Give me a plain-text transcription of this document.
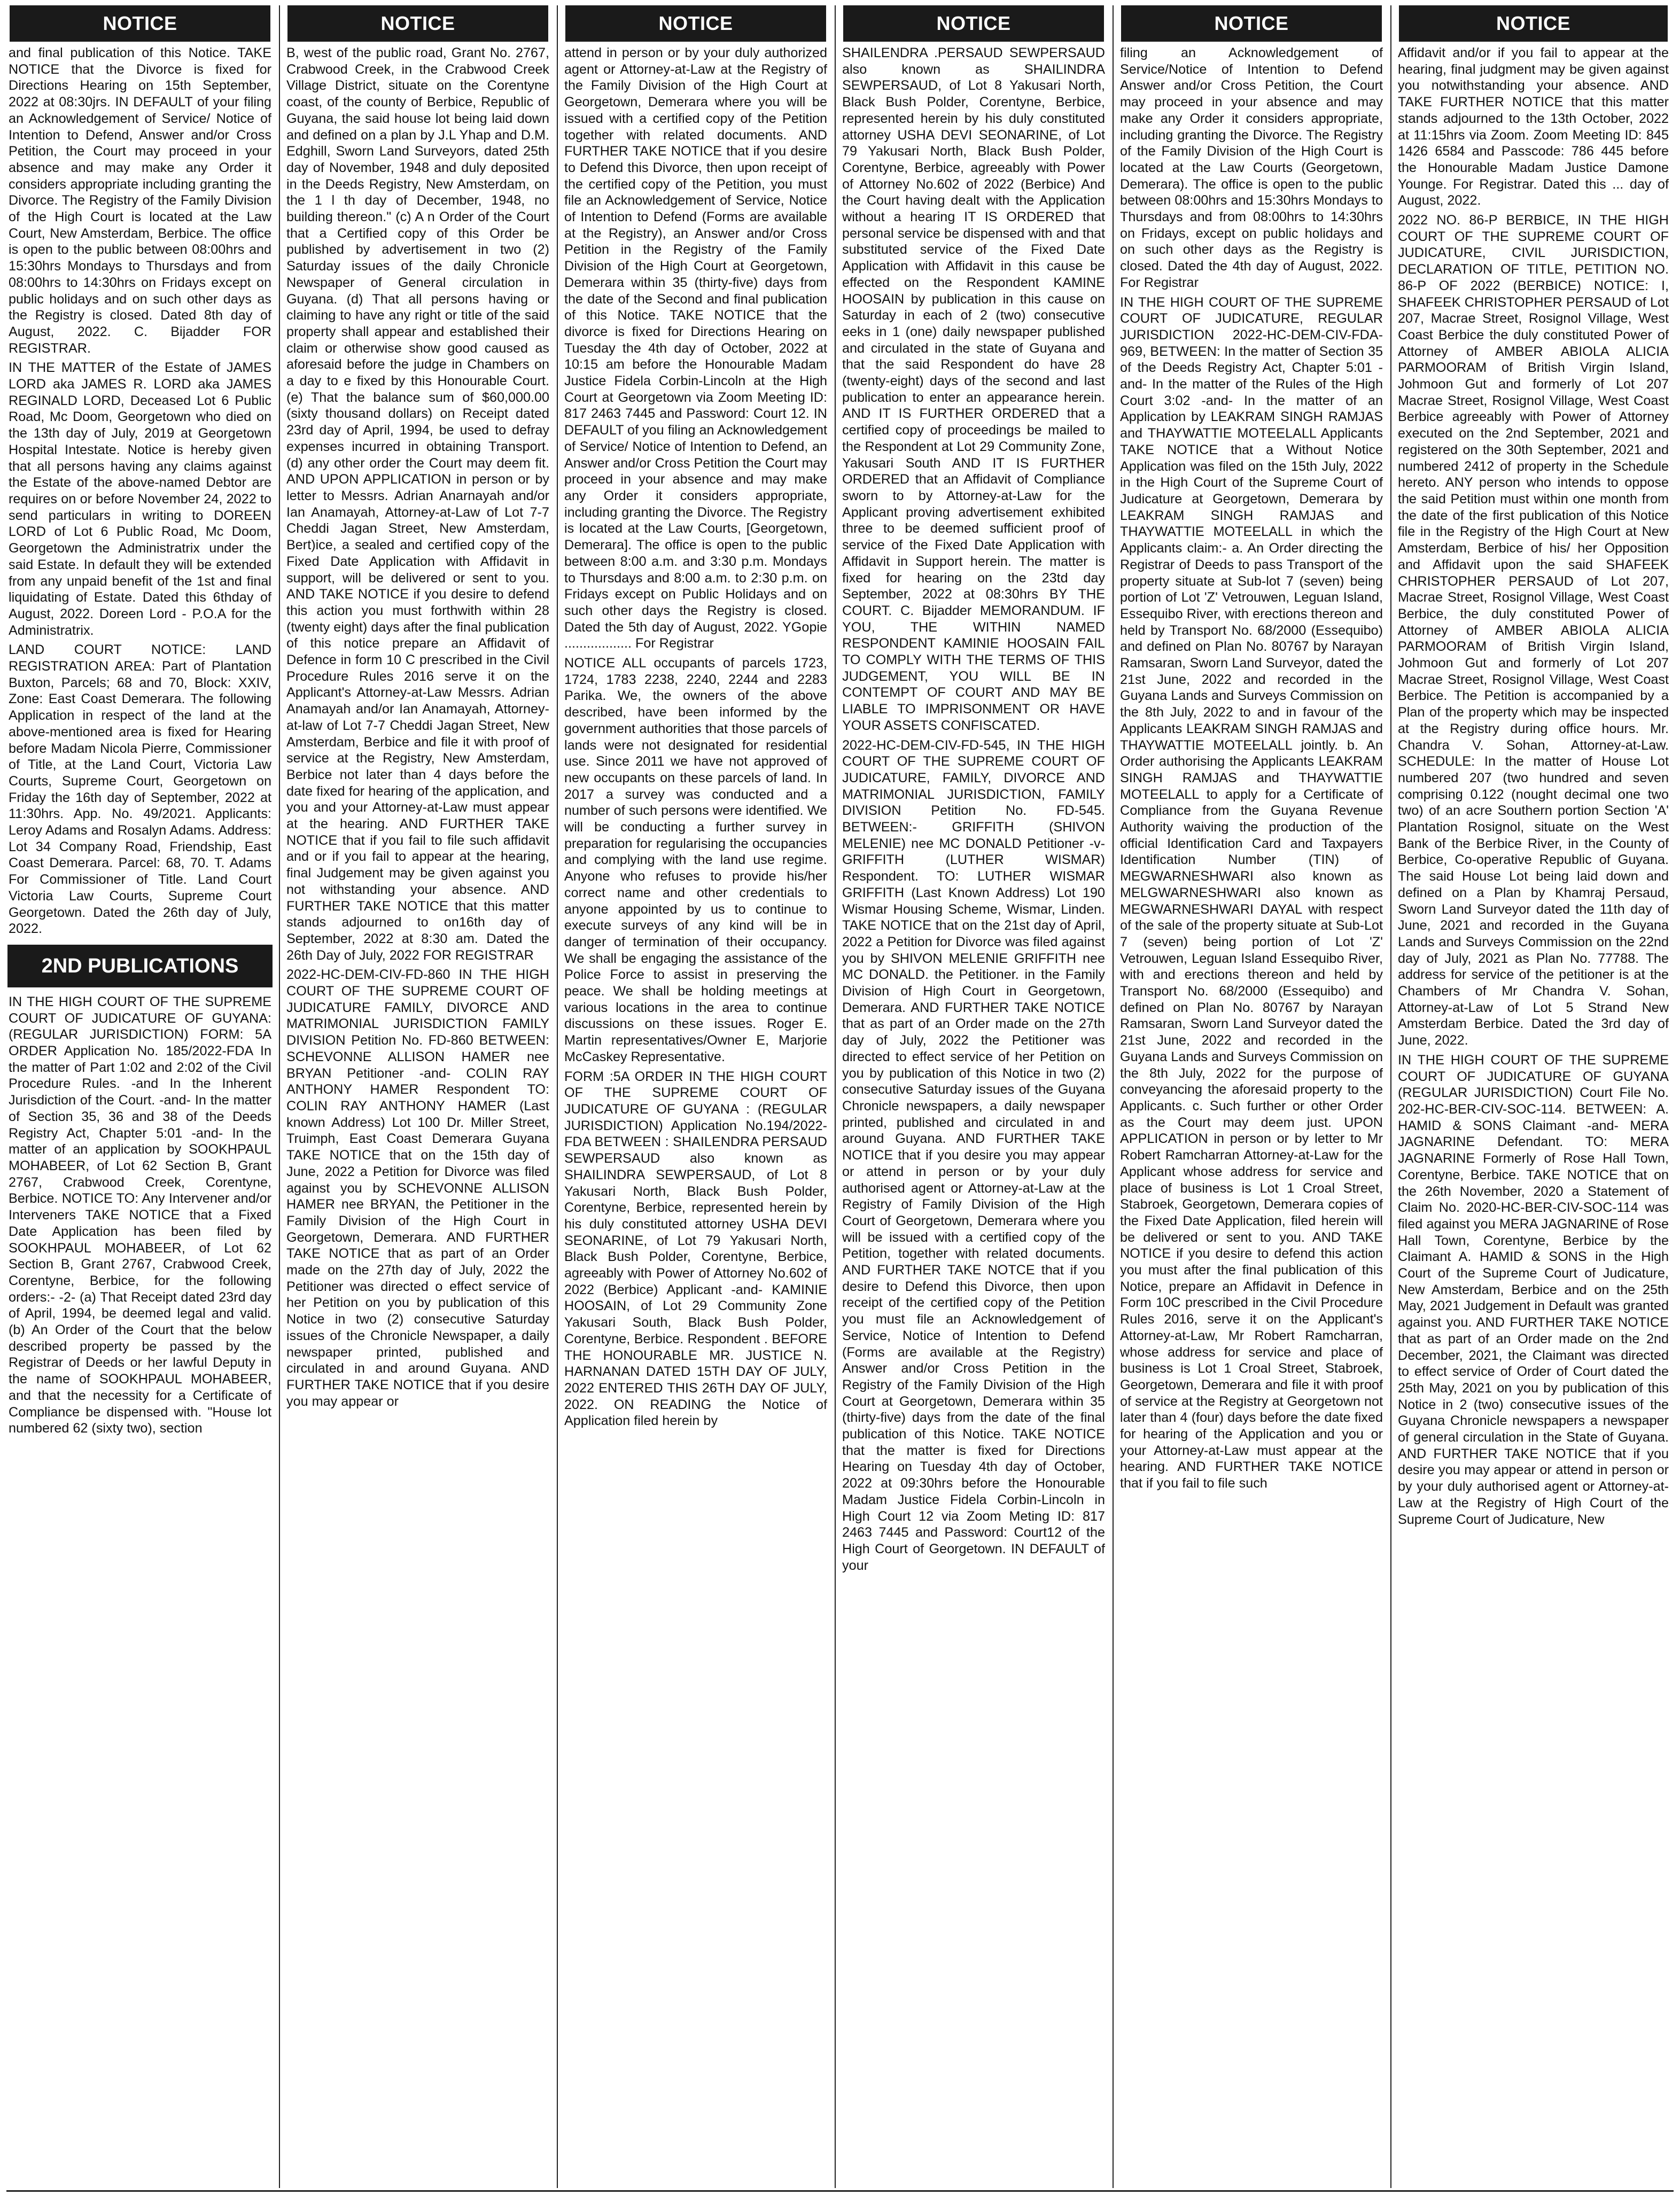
NOTICE

and final publication of this Notice. TAKE NOTICE that the Divorce is fixed for Directions Hearing on 15th September, 2022 at 08:30jrs. IN DEFAULT of your filing an Acknowledgement of Service/ Notice of Intention to Defend, Answer and/or Cross Petition, the Court may proceed in your absence and may make any Order it considers appropriate including granting the Divorce. The Registry of the Family Division of the High Court is located at the Law Court, New Amsterdam, Berbice. The office is open to the public between 08:00hrs and 15:30hrs Mondays to Thursdays and from 08:00hrs to 14:30hrs on Fridays except on public holidays and on such other days as the Registry is closed. Dated 8th day of August, 2022. C. Bijadder FOR REGISTRAR.

IN THE MATTER of the Estate of JAMES LORD aka JAMES R. LORD aka JAMES REGINALD LORD, Deceased Lot 6 Public Road, Mc Doom, Georgetown who died on the 13th day of July, 2019 at Georgetown Hospital Intestate. Notice is hereby given that all persons having any claims against the Estate of the above-named Debtor are requires on or before November 24, 2022 to send particulars in writing to DOREEN LORD of Lot 6 Public Road, Mc Doom, Georgetown the Administratrix under the said Estate. In default they will be extended from any unpaid benefit of the 1st and final liquidating of Estate. Dated this 6thday of August, 2022. Doreen Lord - P.O.A for the Administratrix.

LAND COURT NOTICE: LAND REGISTRATION AREA: Part of Plantation Buxton, Parcels; 68 and 70, Block: XXIV, Zone: East Coast Demerara. The following Application in respect of the land at the above-mentioned area is fixed for Hearing before Madam Nicola Pierre, Commissioner of Title, at the Land Court, Victoria Law Courts, Supreme Court, Georgetown on Friday the 16th day of September, 2022 at 11:30hrs. App. No. 49/2021. Applicants: Leroy Adams and Rosalyn Adams. Address: Lot 34 Company Road, Friendship, East Coast Demerara. Parcel: 68, 70. T. Adams For Commissioner of Title. Land Court Victoria Law Courts, Supreme Court Georgetown. Dated the 26th day of July, 2022.

2ND PUBLICATIONS

IN THE HIGH COURT OF THE SUPREME COURT OF JUDICATURE OF GUYANA: (REGULAR JURISDICTION) FORM: 5A ORDER Application No. 185/2022-FDA In the matter of Part 1:02 and 2:02 of the Civil Procedure Rules. -and In the Inherent Jurisdiction of the Court. -and- In the matter of Section 35, 36 and 38 of the Deeds Registry Act, Chapter 5:01 -and- In the matter of an application by SOOKHPAUL MOHABEER, of Lot 62 Section B, Grant 2767, Crabwood Creek, Corentyne, Berbice. NOTICE TO: Any Intervener and/or Interveners TAKE NOTICE that a Fixed Date Application has been filed by SOOKHPAUL MOHABEER, of Lot 62 Section B, Grant 2767, Crabwood Creek, Corentyne, Berbice, for the following orders:- -2- (a) That Receipt dated 23rd day of April, 1994, be deemed legal and valid. (b) An Order of the Court that the below described property be passed by the Registrar of Deeds or her lawful Deputy in the name of SOOKHPAUL MOHABEER, and that the necessity for a Certificate of Compliance be dispensed with. "House lot numbered 62 (sixty two), section

NOTICE

B, west of the public road, Grant No. 2767, Crabwood Creek, in the Crabwood Creek Village District, situate on the Corentyne coast, of the county of Berbice, Republic of Guyana, the said house lot being laid down and defined on a plan by J.L Yhap and D.M. Edghill, Sworn Land Surveyors, dated 25th day of November, 1948 and duly deposited in the Deeds Registry, New Amsterdam, on the 1 l th day of December, 1948, no building thereon." (c) A n Order of the Court that a Certified copy of this Order be published by advertisement in two (2) Saturday issues of the daily Chronicle Newspaper of General circulation in Guyana. (d) That all persons having or claiming to have any right or title of the said property shall appear and established their claim or otherwise show good caused as aforesaid before the judge in Chambers on a day to e fixed by this Honourable Court. (e) That the balance sum of $60,000.00 (sixty thousand dollars) on Receipt dated 23rd day of April, 1994, be used to defray expenses incurred in obtaining Transport. (d) any other order the Court may deem fit. AND UPON APPLICATION in person or by letter to Messrs. Adrian Anarnayah and/or Ian Anamayah, Attorney-at-Law of Lot 7-7 Cheddi Jagan Street, New Amsterdam, Bert)ice, a sealed and certified copy of the Fixed Date Application with Affidavit in support, will be delivered or sent to you. AND TAKE NOTICE if you desire to defend this action you must forthwith within 28 (twenty eight) days after the final publication of this notice prepare an Affidavit of Defence in form 10 C prescribed in the Civil Procedure Rules 2016 serve it on the Applicant's Attorney-at-Law Messrs. Adrian Anamayah and/or Ian Anamayah, Attorney-at-law of Lot 7-7 Cheddi Jagan Street, New Amsterdam, Berbice and file it with proof of service at the Registry, New Amsterdam, Berbice not later than 4 days before the date fixed for hearing of the application, and you and your Attorney-at-Law must appear at the hearing. AND FURTHER TAKE NOTICE that if you fail to file such affidavit and or if you fail to appear at the hearing, final Judgement may be given against you not withstanding your absence. AND FURTHER TAKE NOTICE that this matter stands adjourned to on16th day of September, 2022 at 8:30 am. Dated the 26th Day of July, 2022 FOR REGISTRAR

2022-HC-DEM-CIV-FD-860 IN THE HIGH COURT OF THE SUPREME COURT OF JUDICATURE FAMILY, DIVORCE AND MATRIMONIAL JURISDICTION FAMILY DIVISION Petition No. FD-860 BETWEEN: SCHEVONNE ALLISON HAMER nee BRYAN Petitioner -and- COLIN RAY ANTHONY HAMER Respondent TO: COLIN RAY ANTHONY HAMER (Last known Address) Lot 100 Dr. Miller Street, Truimph, East Coast Demerara Guyana TAKE NOTICE that on the 15th day of June, 2022 a Petition for Divorce was filed against you by SCHEVONNE ALLISON HAMER nee BRYAN, the Petitioner in the Family Division of the High Court in Georgetown, Demerara. AND FURTHER TAKE NOTICE that as part of an Order made on the 27th day of July, 2022 the Petitioner was directed o effect service of her Petition on you by publication of this Notice in two (2) consecutive Saturday issues of the Chronicle Newspaper, a daily newspaper printed, published and circulated in and around Guyana. AND FURTHER TAKE NOTICE that if you desire you may appear or

NOTICE

attend in person or by your duly authorized agent or Attorney-at-Law at the Registry of the Family Division of the High Court at Georgetown, Demerara where you will be issued with a certified copy of the Petition together with related documents. AND FURTHER TAKE NOTICE that if you desire to Defend this Divorce, then upon receipt of the certified copy of the Petition, you must file an Acknowledgement of Service, Notice of Intention to Defend (Forms are available at the Registry), an Answer and/or Cross Petition in the Registry of the Family Division of the High Court at Georgetown, Demerara within 35 (thirty-five) days from the date of the Second and final publication of this Notice. TAKE NOTICE that the divorce is fixed for Directions Hearing on Tuesday the 4th day of October, 2022 at 10:15 am before the Honourable Madam Justice Fidela Corbin-Lincoln at the High Court at Georgetown via Zoom Meeting ID: 817 2463 7445 and Password: Court 12. IN DEFAULT of you filing an Acknowledgement of Service/ Notice of Intention to Defend, an Answer and/or Cross Petition the Court may proceed in your absence and may make any Order it considers appropriate, including granting the Divorce. The Registry is located at the Law Courts, [Georgetown, Demerara]. The office is open to the public between 8:00 a.m. and 3:30 p.m. Mondays to Thursdays and 8:00 a.m. to 2:30 p.m. on Fridays except on Public Holidays and on such other days the Registry is closed. Dated the 5th day of August, 2022. YGopie .................. For Registrar

NOTICE ALL occupants of parcels 1723, 1724, 1783 2238, 2240, 2244 and 2283 Parika. We, the owners of the above described, have been informed by the government authorities that those parcels of lands were not designated for residential use. Since 2011 we have not approved of new occupants on these parcels of land. In 2017 a survey was conducted and a number of such persons were identified. We will be conducting a further survey in preparation for regularising the occupancies and complying with the land use regime. Anyone who refuses to provide his/her correct name and other credentials to anyone appointed by us to continue to execute surveys of any kind will be in danger of termination of their occupancy. We shall be engaging the assistance of the Police Force to assist in preserving the peace. We shall be holding meetings at various locations in the area to continue discussions on these issues. Roger E. Martin representatives/Owner E, Marjorie McCaskey Representative.

FORM :5A ORDER IN THE HIGH COURT OF THE SUPREME COURT OF JUDICATURE OF GUYANA : (REGULAR JURISDICTION) Application No.194/2022-FDA BETWEEN : SHAILENDRA PERSAUD SEWPERSAUD also known as SHAILINDRA SEWPERSAUD, of Lot 8 Yakusari North, Black Bush Polder, Corentyne, Berbice, represented herein by his duly constituted attorney USHA DEVI SEONARINE, of Lot 79 Yakusari North, Black Bush Polder, Corentyne, Berbice, agreeably with Power of Attorney No.602 of 2022 (Berbice) Applicant -and- KAMINIE HOOSAIN, of Lot 29 Community Zone Yakusari South, Black Bush Polder, Corentyne, Berbice. Respondent . BEFORE THE HONOURABLE MR. JUSTICE N. HARNANAN DATED 15TH DAY OF JULY, 2022 ENTERED THIS 26TH DAY OF JULY, 2022. ON READING the Notice of Application filed herein by

NOTICE

SHAILENDRA .PERSAUD SEWPERSAUD also known as SHAILINDRA SEWPERSAUD, of Lot 8 Yakusari North, Black Bush Polder, Corentyne, Berbice, represented herein by his duly constituted attorney USHA DEVI SEONARINE, of Lot 79 Yakusari North, Black Bush Polder, Corentyne, Berbice, agreeably with Power of Attorney No.602 of 2022 (Berbice) And the Court having dealt with the Application without a hearing IT IS ORDERED that personal service be dispensed with and that substituted service of the Fixed Date Application with Affidavit in this cause be effected on the Respondent KAMINE HOOSAIN by publication in this cause on Saturday in each of 2 (two) consecutive eeks in 1 (one) daily newspaper published and circulated in the state of Guyana and that the said Respondent do have 28 (twenty-eight) days of the second and last publication to enter an appearance herein. AND IT IS FURTHER ORDERED that a certified copy of proceedings be mailed to the Respondent at Lot 29 Community Zone, Yakusari South AND IT IS FURTHER ORDERED that an Affidavit of Compliance sworn to by Attorney-at-Law for the Applicant proving advertisement exhibited three to be deemed sufficient proof of service of the Fixed Date Application with Affidavit in Support herein. The matter is fixed for hearing on the 23td day September, 2022 at 08:30hrs BY THE COURT. C. Bijadder MEMORANDUM. IF YOU, THE WITHIN NAMED RESPONDENT KAMINIE HOOSAIN FAIL TO COMPLY WITH THE TERMS OF THIS JUDGEMENT, YOU WILL BE IN CONTEMPT OF COURT AND MAY BE LIABLE TO IMPRISONMENT OR HAVE YOUR ASSETS CONFISCATED.

2022-HC-DEM-CIV-FD-545, IN THE HIGH COURT OF THE SUPREME COURT OF JUDICATURE, FAMILY, DIVORCE AND MATRIMONIAL JURISDICTION, FAMILY DIVISION Petition No. FD-545. BETWEEN:- GRIFFITH (SHIVON MELENIE) nee MC DONALD Petitioner -v- GRIFFITH (LUTHER WISMAR) Respondent. TO: LUTHER WISMAR GRIFFITH (Last Known Address) Lot 190 Wismar Housing Scheme, Wismar, Linden. TAKE NOTICE that on the 21st day of April, 2022 a Petition for Divorce was filed against you by SHIVON MELENIE GRIFFITH nee MC DONALD. the Petitioner. in the Family Division of High Court in Georgetown, Demerara. AND FURTHER TAKE NOTICE that as part of an Order made on the 27th day of July, 2022 the Petitioner was directed to effect service of her Petition on you by publication of this Notice in two (2) consecutive Saturday issues of the Guyana Chronicle newspapers, a daily newspaper printed, published and circulated in and around Guyana. AND FURTHER TAKE NOTICE that if you desire you may appear or attend in person or by your duly authorised agent or Attorney-at-Law at the Registry of Family Division of the High Court of Georgetown, Demerara where you will be issued with a certified copy of the Petition, together with related documents. AND FURTHER TAKE NOTCE that if you desire to Defend this Divorce, then upon receipt of the certified copy of the Petition you must file an Acknowledgement of Service, Notice of Intention to Defend (Forms are available at the Registry) Answer and/or Cross Petition in the Registry of the Family Division of the High Court at Georgetown, Demerara within 35 (thirty-five) days from the date of the final publication of this Notice. TAKE NOTICE that the matter is fixed for Directions Hearing on Tuesday 4th day of October, 2022 at 09:30hrs before the Honourable Madam Justice Fidela Corbin-Lincoln in High Court 12 via Zoom Meting ID: 817 2463 7445 and Password: Court12 of the High Court of Georgetown. IN DEFAULT of your

NOTICE

filing an Acknowledgement of Service/Notice of Intention to Defend Answer and/or Cross Petition, the Court may proceed in your absence and may make any Order it considers appropriate, including granting the Divorce. The Registry of the Family Division of the High Court is located at the Law Courts (Georgetown, Demerara). The office is open to the public between 08:00hrs and 15:30hrs Mondays to Thursdays and from 08:00hrs to 14:30hrs on Fridays, except on public holidays and on such other days as the Registry is closed. Dated the 4th day of August, 2022. For Registrar

IN THE HIGH COURT OF THE SUPREME COURT OF JUDICATURE, REGULAR JURISDICTION 2022-HC-DEM-CIV-FDA-969, BETWEEN: In the matter of Section 35 of the Deeds Registry Act, Chapter 5:01 -and- In the matter of the Rules of the High Court 3:02 -and- In the matter of an Application by LEAKRAM SINGH RAMJAS and THAYWATTIE MOTEELALL Applicants TAKE NOTICE that a Without Notice Application was filed on the 15th July, 2022 in the High Court of the Supreme Court of Judicature at Georgetown, Demerara by LEAKRAM SINGH RAMJAS and THAYWATTIE MOTEELALL in which the Applicants claim:- a. An Order directing the Registrar of Deeds to pass Transport of the property situate at Sub-lot 7 (seven) being portion of Lot 'Z' Vetrouwen, Leguan Island, Essequibo River, with erections thereon and held by Transport No. 68/2000 (Essequibo) and defined on Plan No. 80767 by Narayan Ramsaran, Sworn Land Surveyor, dated the 21st June, 2022 and recorded in the Guyana Lands and Surveys Commission on the 8th July, 2022 to and in favour of the Applicants LEAKRAM SINGH RAMJAS and THAYWATTIE MOTEELALL jointly. b. An Order authorising the Applicants LEAKRAM SINGH RAMJAS and THAYWATTIE MOTEELALL to apply for a Certificate of Compliance from the Guyana Revenue Authority waiving the production of the official Identification Card and Taxpayers Identification Number (TIN) of MEGWARNESHWARI also known as MELGWARNESHWARI also known as MEGWARNESHWARI DAYAL with respect of the sale of the property situate at Sub-Lot 7 (seven) being portion of Lot 'Z' Vetrouwen, Leguan Island Essequibo River, with and erections thereon and held by Transport No. 68/2000 (Essequibo) and defined on Plan No. 80767 by Narayan Ramsaran, Sworn Land Surveyor dated the 21st June, 2022 and recorded in the Guyana Lands and Surveys Commission on the 8th July, 2022 for the purpose of conveyancing the aforesaid property to the Applicants. c. Such further or other Order as the Court may deem just. UPON APPLICATION in person or by letter to Mr Robert Ramcharran Attorney-at-Law for the Applicant whose address for service and place of business is Lot 1 Croal Street, Stabroek, Georgetown, Demerara copies of the Fixed Date Application, filed herein will be delivered or sent to you. AND TAKE NOTICE if you desire to defend this action you must after the final publication of this Notice, prepare an Affidavit in Defence in Form 10C prescribed in the Civil Procedure Rules 2016, serve it on the Applicant's Attorney-at-Law, Mr Robert Ramcharran, whose address for service and place of business is Lot 1 Croal Street, Stabroek, Georgetown, Demerara and file it with proof of service at the Registry at Georgetown not later than 4 (four) days before the date fixed for hearing of the Application and you or your Attorney-at-Law must appear at the hearing. AND FURTHER TAKE NOTICE that if you fail to file such

NOTICE

Affidavit and/or if you fail to appear at the hearing, final judgment may be given against you notwithstanding your absence. AND TAKE FURTHER NOTICE that this matter stands adjourned to the 13th October, 2022 at 11:15hrs via Zoom. Zoom Meeting ID: 845 1426 6584 and Passcode: 786 445 before the Honourable Madam Justice Damone Younge. For Registrar. Dated this ... day of August, 2022.

2022 NO. 86-P BERBICE, IN THE HIGH COURT OF THE SUPREME COURT OF JUDICATURE, CIVIL JURISDICTION, DECLARATION OF TITLE, PETITION NO. 86-P OF 2022 (BERBICE) NOTICE: I, SHAFEEK CHRISTOPHER PERSAUD of Lot 207, Macrae Street, Rosignol Village, West Coast Berbice the duly constituted Power of Attorney of AMBER ABIOLA ALICIA PARMOORAM of British Virgin Island, Johmoon Gut and formerly of Lot 207 Macrae Street, Rosignol Village, West Coast Berbice agreeably with Power of Attorney executed on the 2nd September, 2021 and registered on the 30th September, 2021 and numbered 2412 of property in the Schedule hereto. ANY person who intends to oppose the said Petition must within one month from the date of the first publication of this Notice file in the Registry of the High Court at New Amsterdam, Berbice of his/ her Opposition and Affidavit upon the said SHAFEEK CHRISTOPHER PERSAUD of Lot 207, Macrae Street, Rosignol Village, West Coast Berbice, the duly constituted Power of Attorney of AMBER ABIOLA ALICIA PARMOORAM of British Virgin Island, Johmoon Gut and formerly of Lot 207 Macrae Street, Rosignol Village, West Coast Berbice. The Petition is accompanied by a Plan of the property which may be inspected at the Registry during office hours. Mr. Chandra V. Sohan, Attorney-at-Law. SCHEDULE: In the matter of House Lot numbered 207 (two hundred and seven comprising 0.122 (nought decimal one two two) of an acre Southern portion Section 'A' Plantation Rosignol, situate on the West Bank of the Berbice River, in the County of Berbice, Co-operative Republic of Guyana. The said House Lot being laid down and defined on a Plan by Khamraj Persaud, Sworn Land Surveyor dated the 11th day of June, 2021 and recorded in the Guyana Lands and Surveys Commission on the 22nd day of July, 2021 as Plan No. 77788. The address for service of the petitioner is at the Chambers of Mr Chandra V. Sohan, Attorney-at-Law of Lot 5 Strand New Amsterdam Berbice. Dated the 3rd day of June, 2022.

IN THE HIGH COURT OF THE SUPREME COURT OF JUDICATURE OF GUYANA (REGULAR JURISDICTION) Court File No. 202-HC-BER-CIV-SOC-114. BETWEEN: A. HAMID & SONS Claimant -and- MERA JAGNARINE Defendant. TO: MERA JAGNARINE Formerly of Rose Hall Town, Corentyne, Berbice. TAKE NOTICE that on the 26th November, 2020 a Statement of Claim No. 2020-HC-BER-CIV-SOC-114 was filed against you MERA JAGNARINE of Rose Hall Town, Corentyne, Berbice by the Claimant A. HAMID & SONS in the High Court of the Supreme Court of Judicature, New Amsterdam, Berbice and on the 25th May, 2021 Judgement in Default was granted against you. AND FURTHER TAKE NOTICE that as part of an Order made on the 2nd December, 2021, the Claimant was directed to effect service of Order of Court dated the 25th May, 2021 on you by publication of this Notice in 2 (two) consecutive issues of the Guyana Chronicle newspapers a newspaper of general circulation in the State of Guyana. AND FURTHER TAKE NOTICE that if you desire you may appear or attend in person or by your duly authorised agent or Attorney-at-Law at the Registry of High Court of the Supreme Court of Judicature, New
